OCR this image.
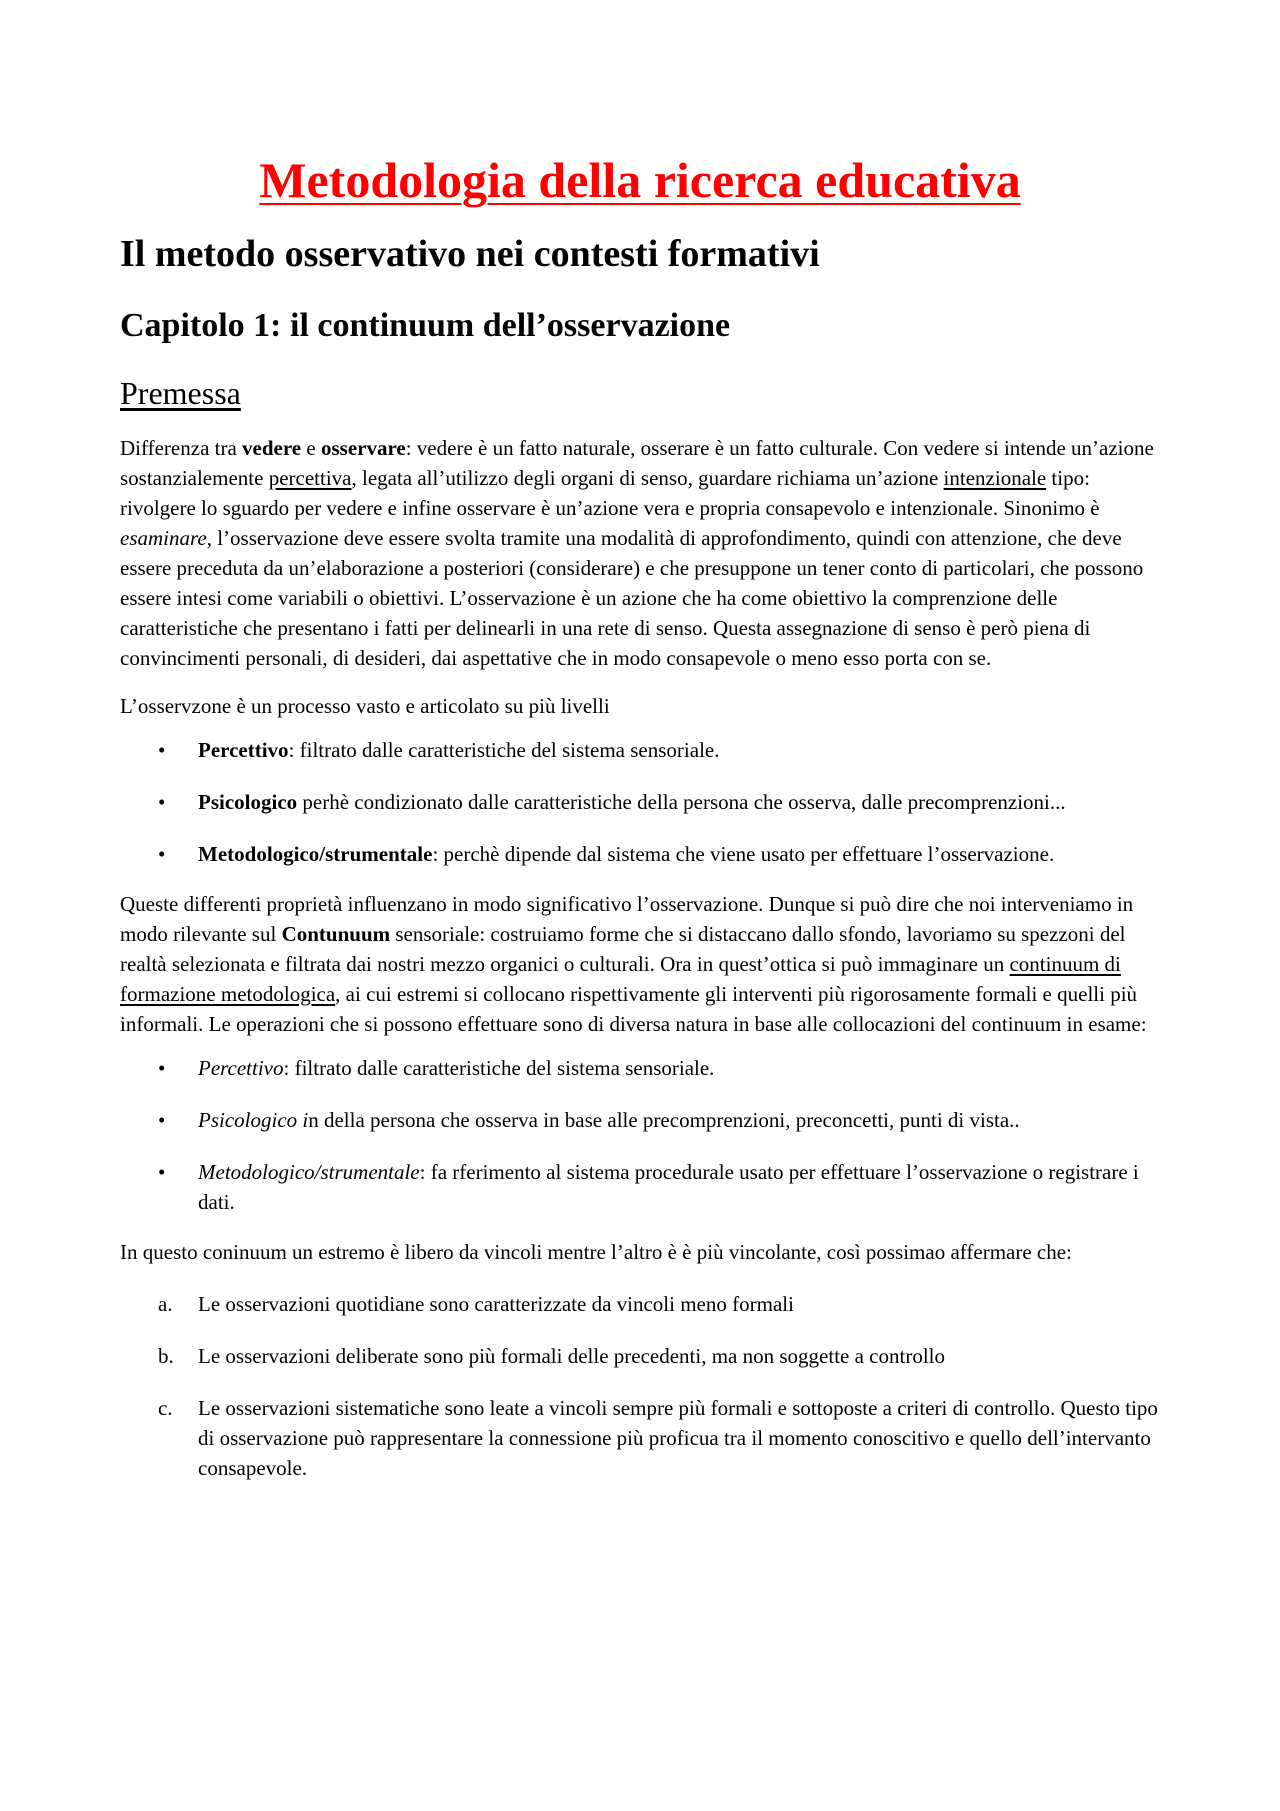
Metodologia della ricerca educativa
Il metodo osservativo nei contesti formativi
Capitolo 1: il continuum dell’osservazione
Premessa

Differenza tra vedere e osservare: vedere è un fatto naturale, osserare è un fatto culturale. Con vedere si intende un’azione sostanzialemente percettiva, legata all’utilizzo degli organi di senso, guardare richiama un’azione intenzionale tipo: rivolgere lo sguardo per vedere e infine osservare è un’azione vera e propria consapevolo e intenzionale. Sinonimo è esaminare, l’osservazione deve essere svolta tramite una modalità di approfondimento, quindi con attenzione, che deve essere preceduta da un’elaborazione a posteriori (considerare) e che presuppone un tener conto di particolari, che possono essere intesi come variabili o obiettivi. L’osservazione è un azione che ha come obiettivo la comprenzione delle caratteristiche che presentano i fatti per delinearli in una rete di senso. Questa assegnazione di senso è però piena di convincimenti personali, di desideri, dai aspettative che in modo consapevole o meno esso porta con se.

L’osservzone è un processo vasto e articolato su più livelli

• Percettivo: filtrato dalle caratteristiche del sistema sensoriale.
• Psicologico perhè condizionato dalle caratteristiche della persona che osserva, dalle precomprenzioni...
• Metodologico/strumentale: perchè dipende dal sistema che viene usato per effettuare l’osservazione.

Queste differenti proprietà influenzano in modo significativo l’osservazione. Dunque si può dire che noi interveniamo in modo rilevante sul Contunuum sensoriale: costruiamo forme che si distaccano dallo sfondo, lavoriamo su spezzoni del realtà selezionata e filtrata dai nostri mezzo organici o culturali. Ora in quest’ottica si può immaginare un continuum di formazione metodologica, ai cui estremi si collocano rispettivamente gli interventi più rigorosamente formali e quelli più informali. Le operazioni che si possono effettuare sono di diversa natura in base alle collocazioni del continuum in esame:

• Percettivo: filtrato dalle caratteristiche del sistema sensoriale.
• Psicologico in della persona che osserva in base alle precomprenzioni, preconcetti, punti di vista..
• Metodologico/strumentale: fa rferimento al sistema procedurale usato per effettuare l’osservazione o registrare i dati.

In questo coninuum un estremo è libero da vincoli mentre l’altro è è più vincolante, così possimao affermare che:

a. Le osservazioni quotidiane sono caratterizzate da vincoli meno formali
b. Le osservazioni deliberate sono più formali delle precedenti, ma non soggette a controllo
c. Le osservazioni sistematiche sono leate a vincoli sempre più formali e sottoposte a criteri di controllo. Questo tipo di osservazione può rappresentare la connessione più proficua tra il momento conoscitivo e quello dell’intervanto consapevole.
